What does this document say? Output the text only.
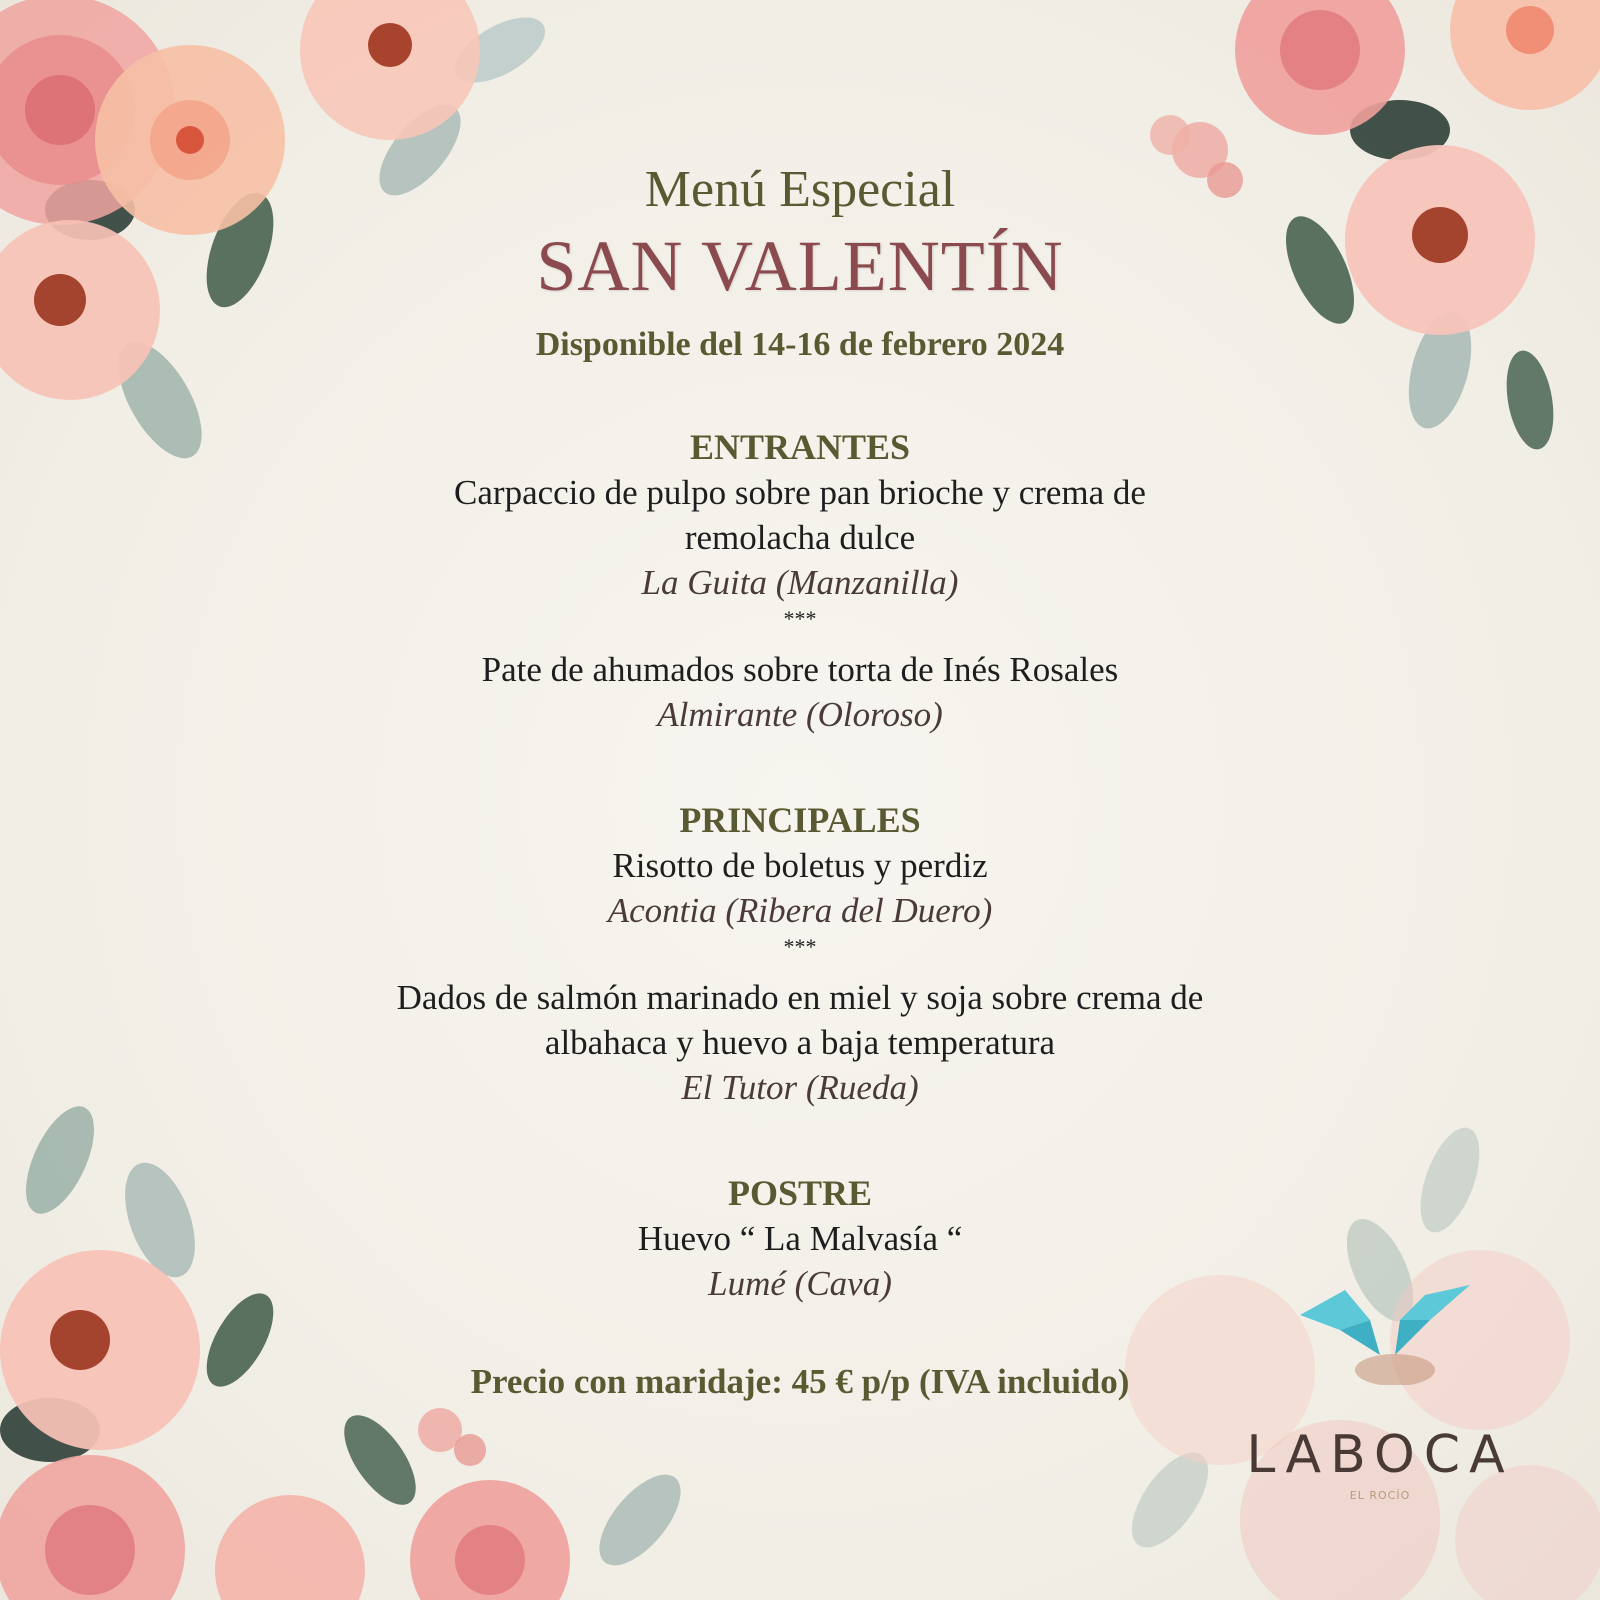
Menú Especial
SAN VALENTÍN
Disponible del 14-16 de febrero 2024
ENTRANTES
Carpaccio de pulpo sobre pan brioche y crema de
remolacha dulce
La Guita (Manzanilla)
***
Pate de ahumados sobre torta de Inés Rosales
Almirante (Oloroso)
PRINCIPALES
Risotto de boletus y perdiz
Acontia (Ribera del Duero)
***
Dados de salmón marinado en miel y soja sobre crema de
albahaca y huevo a baja temperatura
El Tutor (Rueda)
POSTRE
Huevo “ La Malvasía “
Lumé (Cava)
Precio con maridaje: 45 € p/p (IVA incluido)
LABOCA
EL ROCÍO
